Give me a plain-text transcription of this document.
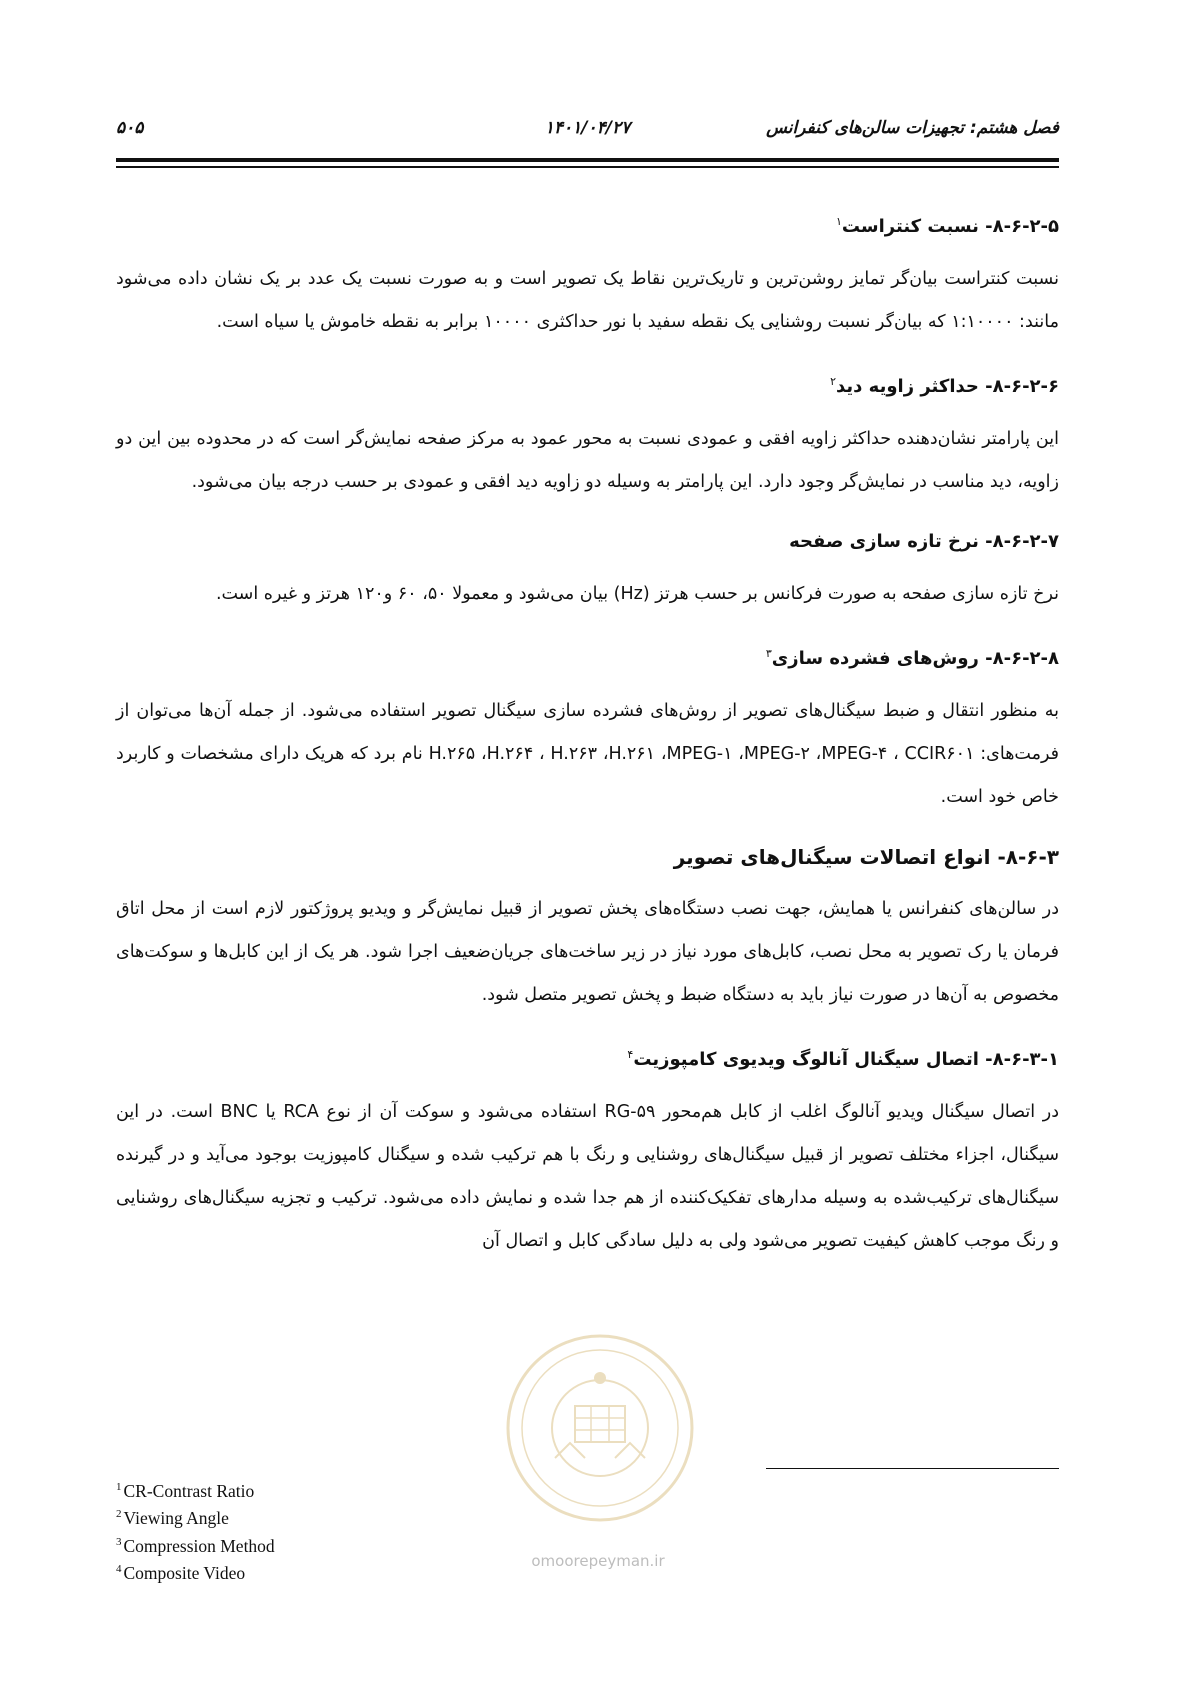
فصل هشتم: تجهیزات سالن‌های کنفرانس
۱۴۰۱/۰۴/۲۷
۵۰۵
۸-۶-۲-۵- نسبت کنتراست$^۱$

نسبت کنتراست بیان‌گر تمایز روشن‌ترین و تاریک‌ترین نقاط یک تصویر است و به صورت نسبت یک عدد بر یک نشان داده می‌شود مانند: ۱:۱۰۰۰۰ که بیان‌گر نسبت روشنایی یک نقطه سفید با نور حداکثری ۱۰۰۰۰ برابر به نقطه خاموش یا سیاه است.

۸-۶-۲-۶- حداکثر زاویه دید$^۲$

این پارامتر نشان‌دهنده حداکثر زاویه افقی و عمودی نسبت به محور عمود به مرکز صفحه نمایش‌گر است که در محدوده بین این دو زاویه، دید مناسب در نمایش‌گر وجود دارد. این پارامتر به وسیله دو زاویه دید افقی و عمودی بر حسب درجه بیان می‌شود.

۸-۶-۲-۷- نرخ تازه سازی صفحه

نرخ تازه سازی صفحه به صورت فرکانس بر حسب هرتز (Hz) بیان می‌شود و معمولا ۵۰، ۶۰ و۱۲۰ هرتز و غیره است.

۸-۶-۲-۸- روش‌های فشرده سازی$^۳$

به منظور انتقال و ضبط سیگنال‌های تصویر از روش‌های فشرده سازی سیگنال تصویر استفاده می‌شود. از جمله آن‌ها می‌توان از فرمت‌های: H.۲۶۵ ،H.۲۶۴ ، H.۲۶۳ ،H.۲۶۱ ،MPEG-۱ ،MPEG-۲ ،MPEG-۴ ، CCIR۶۰۱ نام برد که هریک دارای مشخصات و کاربرد خاص خود است.

۸-۶-۳- انواع اتصالات سیگنال‌های تصویر

در سالن‌های کنفرانس یا همایش، جهت نصب دستگاه‌های پخش تصویر از قبیل نمایش‌گر و ویدیو پروژکتور لازم است از محل اتاق فرمان یا رک تصویر به محل نصب، کابل‌های مورد نیاز در زیر ساخت‌های جریان‌ضعیف اجرا شود. هر یک از این کابل‌ها و سوکت‌های مخصوص به آن‌ها در صورت نیاز باید به دستگاه ضبط و پخش تصویر متصل شود.

۸-۶-۳-۱- اتصال سیگنال آنالوگ ویدیوی کامپوزیت$^۴$

در اتصال سیگنال ویدیو آنالوگ اغلب از کابل هم‌محور RG-۵۹ استفاده می‌شود و سوکت آن از نوع RCA یا BNC است. در این سیگنال، اجزاء مختلف تصویر از قبیل سیگنال‌های روشنایی و رنگ با هم ترکیب شده و سیگنال کامپوزیت بوجود می‌آید و در گیرنده سیگنال‌های ترکیب‌شده به وسیله مدارهای تفکیک‌کننده از هم جدا شده و نمایش داده می‌شود. ترکیب و تجزیه سیگنال‌های روشنایی و رنگ موجب کاهش کیفیت تصویر می‌شود ولی به دلیل سادگی کابل و اتصال آن

omoorepeyman.ir
$^1$ CR-Contrast Ratio
$^2$ Viewing Angle
$^3$ Compression Method
$^4$ Composite Video
